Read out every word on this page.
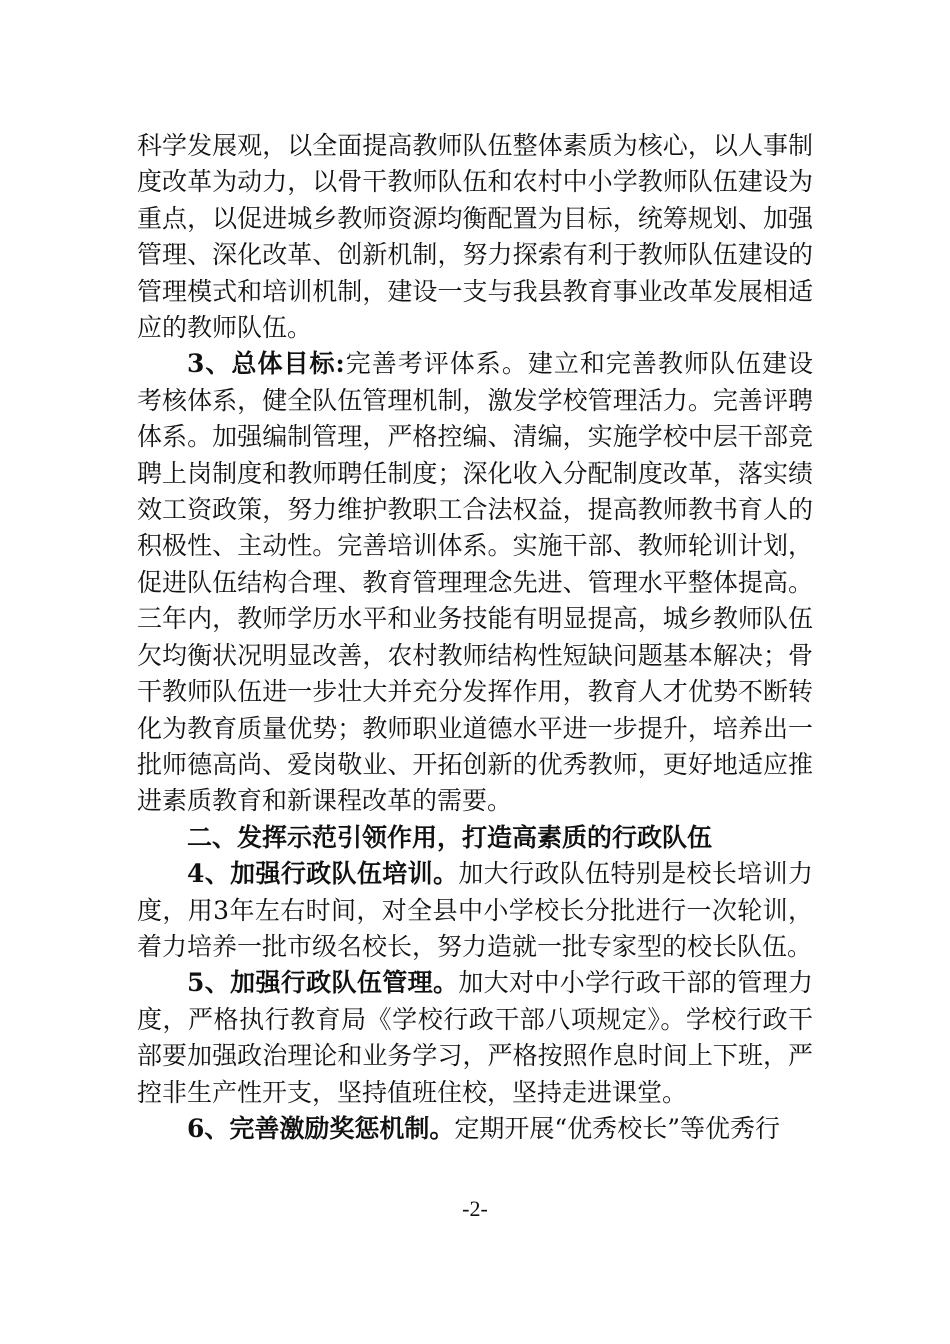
科学发展观，以全面提高教师队伍整体素质为核心，以人事制度改革为动力，以骨干教师队伍和农村中小学教师队伍建设为重点，以促进城乡教师资源均衡配置为目标，统筹规划、加强管理、深化改革、创新机制，努力探索有利于教师队伍建设的管理模式和培训机制，建设一支与我县教育事业改革发展相适应的教师队伍。

3、总体目标:完善考评体系。建立和完善教师队伍建设考核体系，健全队伍管理机制，激发学校管理活力。完善评聘体系。加强编制管理，严格控编、清编，实施学校中层干部竞聘上岗制度和教师聘任制度；深化收入分配制度改革，落实绩效工资政策，努力维护教职工合法权益，提高教师教书育人的积极性、主动性。完善培训体系。实施干部、教师轮训计划，促进队伍结构合理、教育管理理念先进、管理水平整体提高。三年内，教师学历水平和业务技能有明显提高，城乡教师队伍欠均衡状况明显改善，农村教师结构性短缺问题基本解决；骨干教师队伍进一步壮大并充分发挥作用，教育人才优势不断转化为教育质量优势；教师职业道德水平进一步提升，培养出一批师德高尚、爱岗敬业、开拓创新的优秀教师，更好地适应推进素质教育和新课程改革的需要。

二、发挥示范引领作用，打造高素质的行政队伍

4、加强行政队伍培训。加大行政队伍特别是校长培训力度，用3年左右时间，对全县中小学校长分批进行一次轮训，着力培养一批市级名校长，努力造就一批专家型的校长队伍。

5、加强行政队伍管理。加大对中小学行政干部的管理力度，严格执行教育局《学校行政干部八项规定》。学校行政干部要加强政治理论和业务学习，严格按照作息时间上下班，严控非生产性开支，坚持值班住校，坚持走进课堂。

6、完善激励奖惩机制。定期开展“优秀校长”等优秀行

-2-
